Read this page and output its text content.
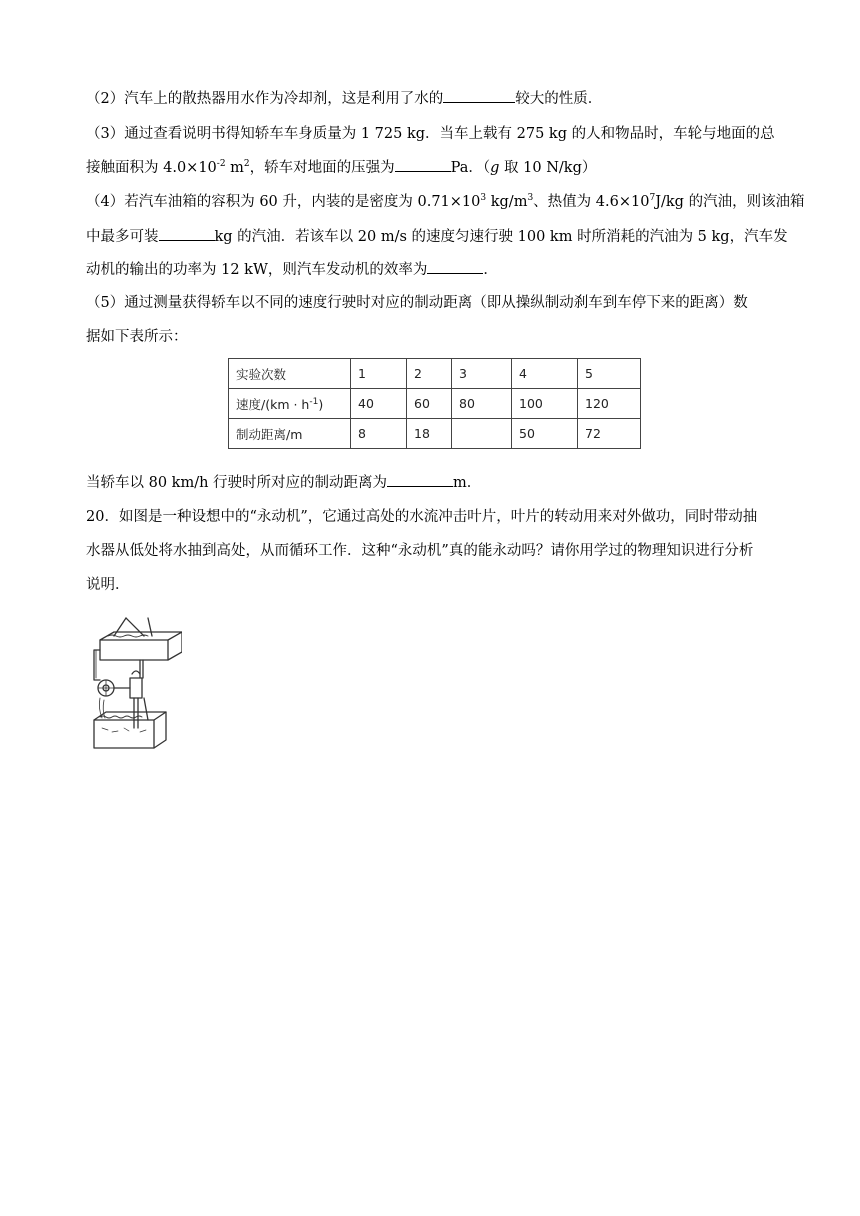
（2）汽车上的散热器用水作为冷却剂，这是利用了水的	较大的性质．
（3）通过查看说明书得知轿车车身质量为 1 725 kg．当车上载有 275 kg 的人和物品时，车轮与地面的总
接触面积为 $4.0\times 10^{-2}$ $m^2$，轿车对地面的压强为	Pa．（g 取 10 N/kg）
（4）若汽车油箱的容积为 60 升，内装的是密度为 $0.71\times 10^3$ $kg/m^3$、热值为 $4.6\times 10^7J/kg$ 的汽油，则该油箱
中最多可装	kg 的汽油．若该车以 20 m/s 的速度匀速行驶 100 km 时所消耗的汽油为 5 kg，汽车发
动机的输出的功率为 12 kW，则汽车发动机的效率为	．
（5）通过测量获得轿车以不同的速度行驶时对应的制动距离（即从操纵制动刹车到车停下来的距离）数
据如下表所示：
实验次数	1	2	3	4	5
速度$/(km \cdot h^{-1})$	40	60	80	100	120
制动距离/m	8	18		50	72
当轿车以 80 km/h 行驶时所对应的制动距离为	m．
20．如图是一种设想中的“永动机”，它通过高处的水流冲击叶片，叶片的转动用来对外做功，同时带动抽
水器从低处将水抽到高处，从而循环工作．这种“永动机”真的能永动吗？请你用学过的物理知识进行分析
说明．
